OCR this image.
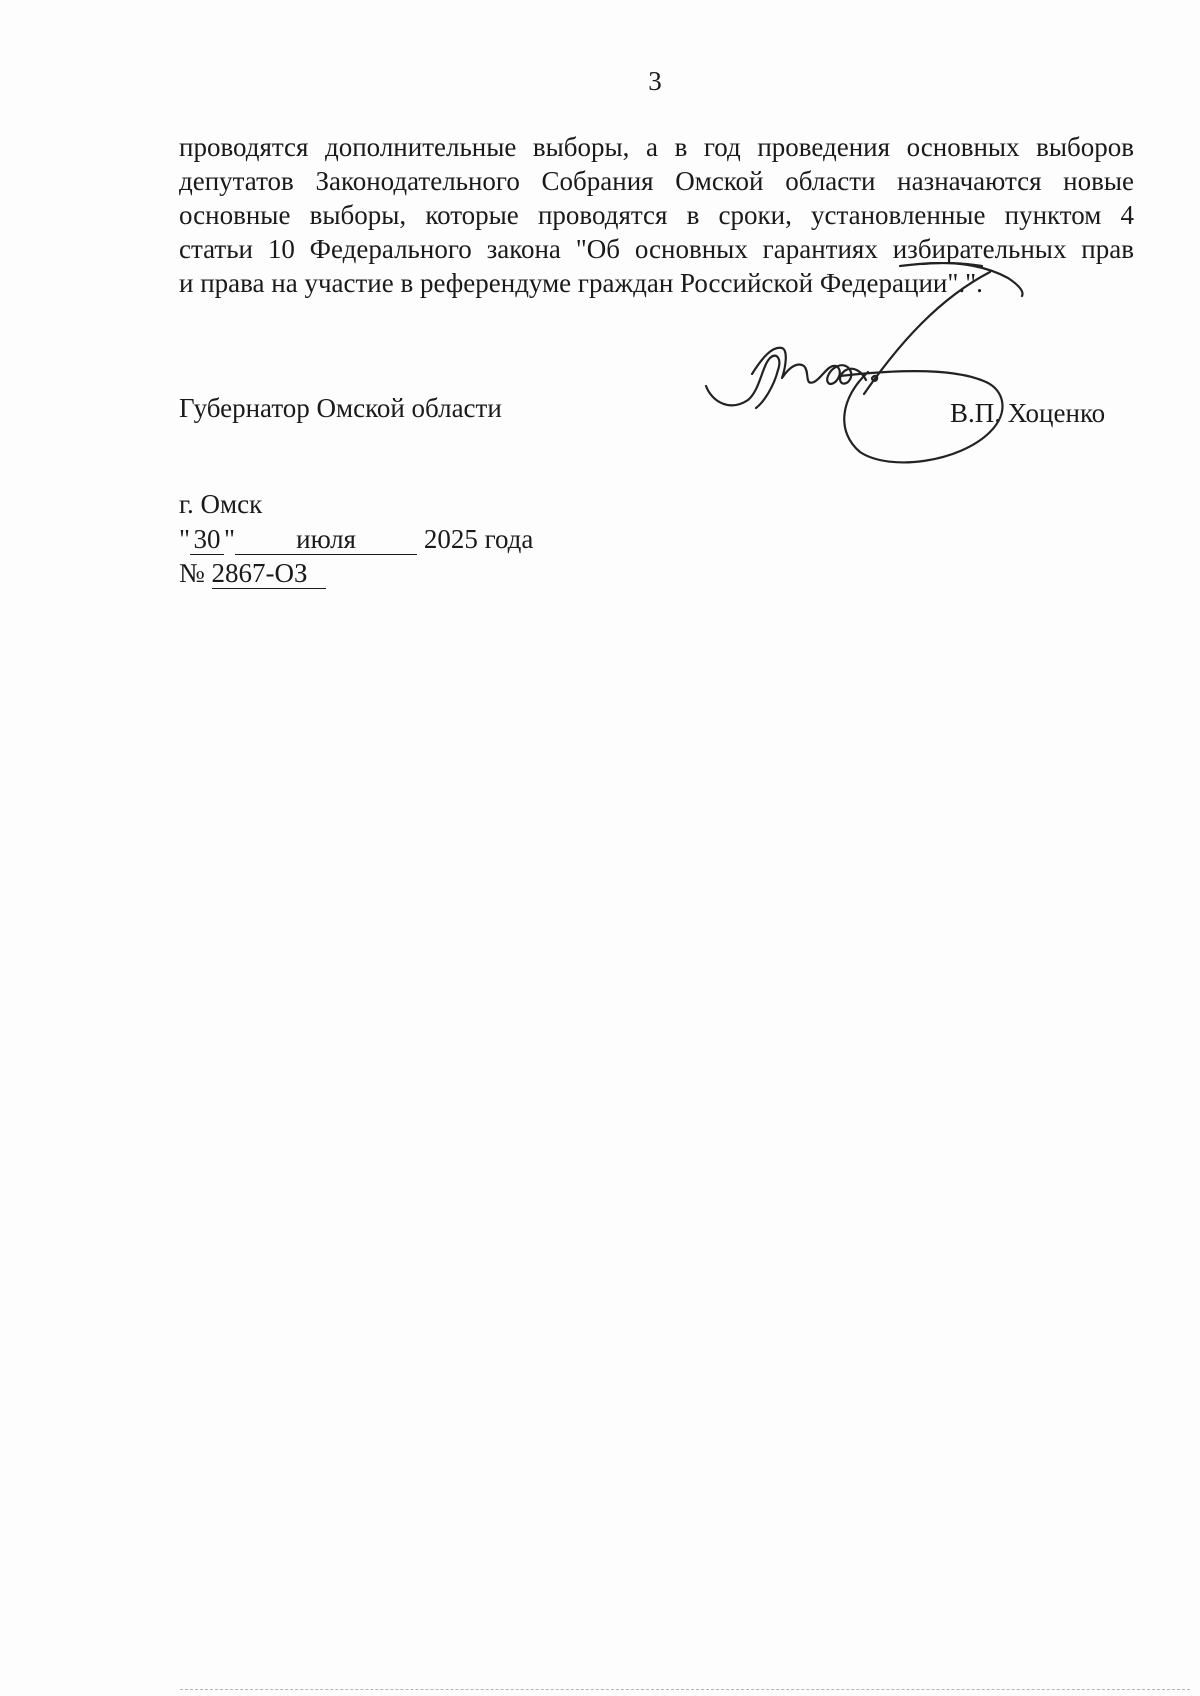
3
проводятся дополнительные выборы, а в год проведения основных выборов
депутатов Законодательного Собрания Омской области назначаются новые
основные выборы, которые проводятся в сроки, установленные пунктом 4
статьи 10 Федерального закона "Об основных гарантиях избирательных прав
и права на участие в референдуме граждан Российской Федерации".".
Губернатор Омской области	В.П. Хоценко
г. Омск
" 30" июля 2025 года
№ 2867-ОЗ
